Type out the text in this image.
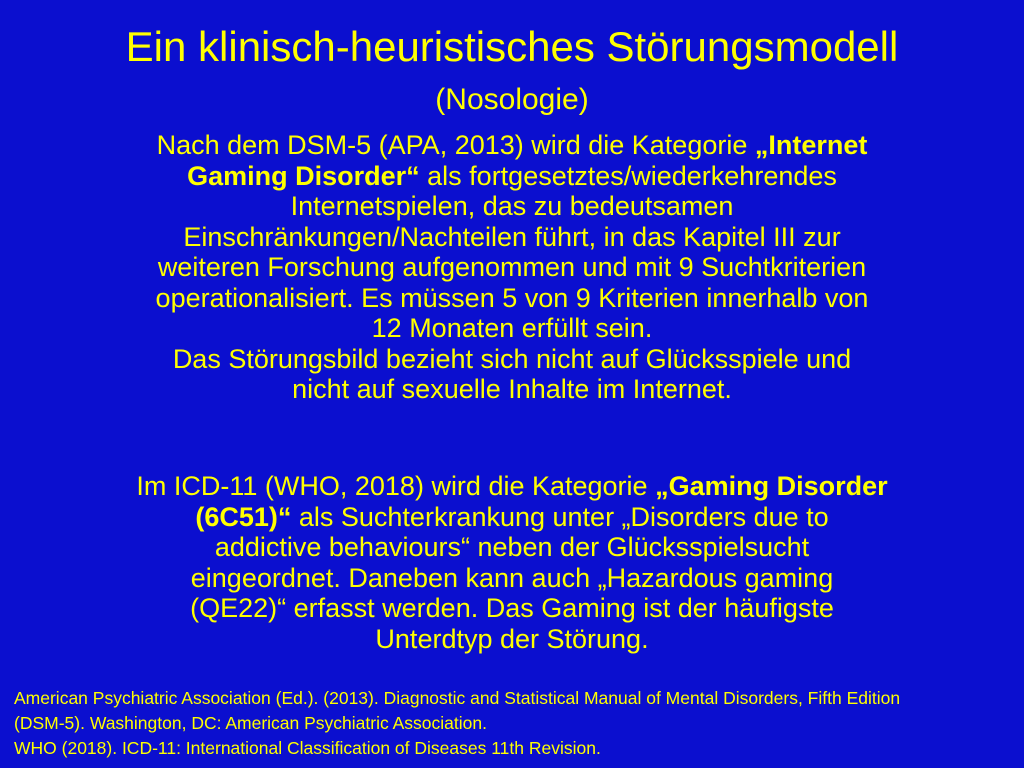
Ein klinisch-heuristisches Störungsmodell
(Nosologie)

Nach dem DSM-5 (APA, 2013) wird die Kategorie „Internet
Gaming Disorder“ als fortgesetztes/wiederkehrendes
Internetspielen, das zu bedeutsamen
Einschränkungen/Nachteilen führt, in das Kapitel III zur
weiteren Forschung aufgenommen und mit 9 Suchtkriterien
operationalisiert. Es müssen 5 von 9 Kriterien innerhalb von
12 Monaten erfüllt sein.
Das Störungsbild bezieht sich nicht auf Glücksspiele und
nicht auf sexuelle Inhalte im Internet.

Im ICD-11 (WHO, 2018) wird die Kategorie „Gaming Disorder
(6C51)“ als Suchterkrankung unter „Disorders due to
addictive behaviours“ neben der Glücksspielsucht
eingeordnet. Daneben kann auch „Hazardous gaming
(QE22)“ erfasst werden. Das Gaming ist der häufigste
Unterdtyp der Störung.

American Psychiatric Association (Ed.). (2013). Diagnostic and Statistical Manual of Mental Disorders, Fifth Edition
(DSM-5). Washington, DC: American Psychiatric Association.
WHO (2018). ICD-11: International Classification of Diseases 11th Revision.
